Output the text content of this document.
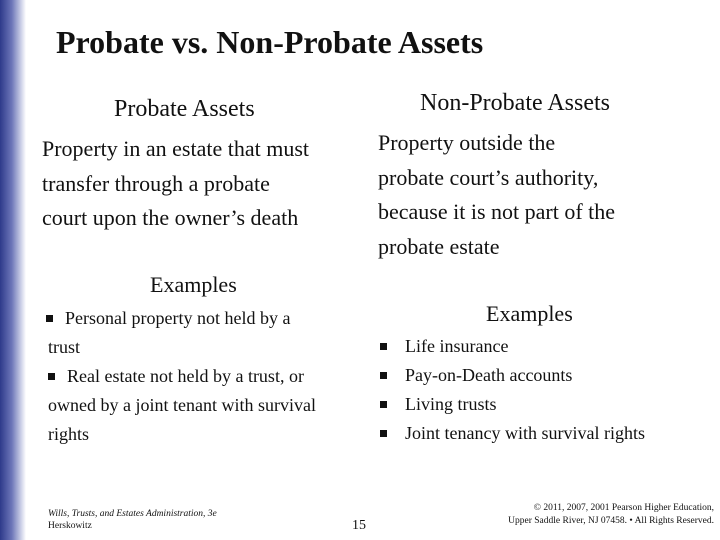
Probate vs. Non-Probate Assets
Probate Assets	Non-Probate Assets
Property in an estate that must transfer through a probate court upon the owner’s death
Property outside the probate court’s authority, because it is not part of the probate estate
Examples
Examples
Personal property not held by a trust
Real estate not held by a trust, or owned by a joint tenant with survival rights
Life insurance
Pay-on-Death accounts
Living trusts
Joint tenancy with survival rights
Wills, Trusts, and Estates Administration, 3e
Herskowitz	15
© 2011, 2007, 2001 Pearson Higher Education,
Upper Saddle River, NJ 07458. • All Rights Reserved.
